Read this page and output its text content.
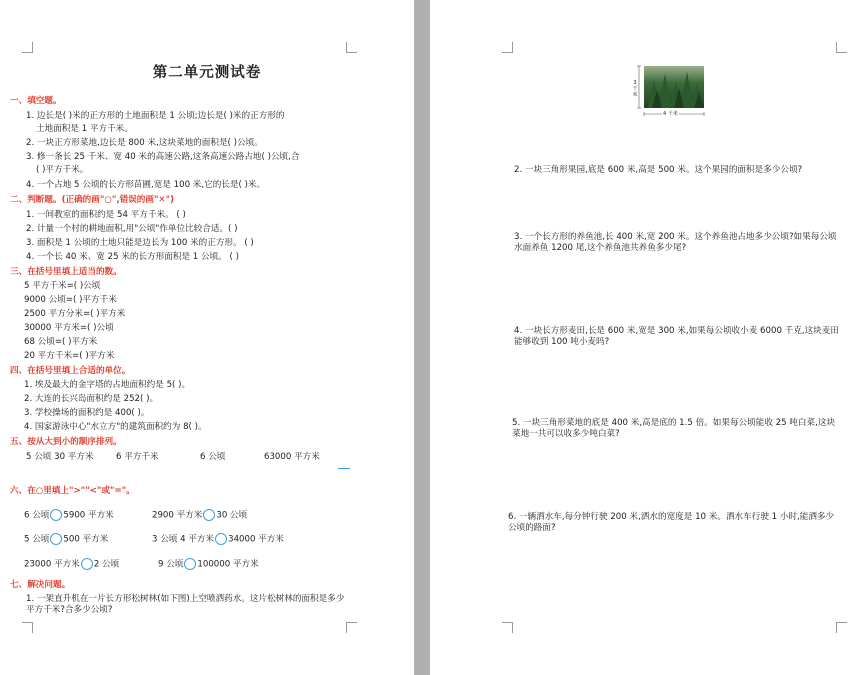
第二单元测试卷
一、填空题。
1. 边长是( )米的正方形的土地面积是 1 公顷;边长是( )米的正方形的
土地面积是 1 平方千米。
2. 一块正方形菜地,边长是 800 米,这块菜地的面积是( )公顷。
3. 修一条长 25 千米、宽 40 米的高速公路,这条高速公路占地( )公顷,合
( )平方千米。
4. 一个占地 5 公顷的长方形苗圃,宽是 100 米,它的长是( )米。
二、判断题。(正确的画"○",错误的画"✕")
1. 一间教室的面积约是 54 平方千米。 ( )
2. 计量一个村的耕地面积,用"公顷"作单位比较合适。( )
3. 面积是 1 公顷的土地只能是边长为 100 米的正方形。 ( )
4. 一个长 40 米、宽 25 米的长方形面积是 1 公顷。 ( )
三、在括号里填上适当的数。
5 平方千米=( )公顷
9000 公顷=( )平方千米
2500 平方分米=( )平方米
30000 平方米=( )公顷
68 公顷=( )平方米
20 平方千米=( )平方米
四、在括号里填上合适的单位。
1. 埃及最大的金字塔的占地面积约是 5( )。
2. 大连的长兴岛面积约是 252( )。
3. 学校操场的面积约是 400( )。
4. 国家游泳中心"水立方"的建筑面积约为 8( )。
五、按从大到小的顺序排列。
5 公顷 30 平方米	6 平方千米	6 公顷	63000 平方米
六、在○里填上">""<"或"="。
6 公顷 5900 平方米	2900 平方米 30 公顷
5 公顷 500 平方米	3 公顷 4 平方米 34000 平方米
23000 平方米 2 公顷	9 公顷 100000 平方米
七、解决问题。
1. 一架直升机在一片长方形松树林(如下图)上空喷洒药水。这片松树林的面积是多少平方千米?合多少公顷?
2. 一块三角形果园,底是 600 米,高是 500 米。这个果园的面积是多少公顷?
3. 一个长方形的养鱼池,长 400 米,宽 200 米。这个养鱼池占地多少公顷?如果每公顷水面养鱼 1200 尾,这个养鱼池共养鱼多少尾?
4. 一块长方形麦田,长是 600 米,宽是 300 米,如果每公顷收小麦 6000 千克,这块麦田能够收到 100 吨小麦吗?
5. 一块三角形菜地的底是 400 米,高是底的 1.5 倍。如果每公顷能收 25 吨白菜,这块菜地一共可以收多少吨白菜?
6. 一辆洒水车,每分钟行驶 200 米,洒水的宽度是 10 米。洒水车行驶 1 小时,能洒多少公顷的路面?
3 千米
4 千米
